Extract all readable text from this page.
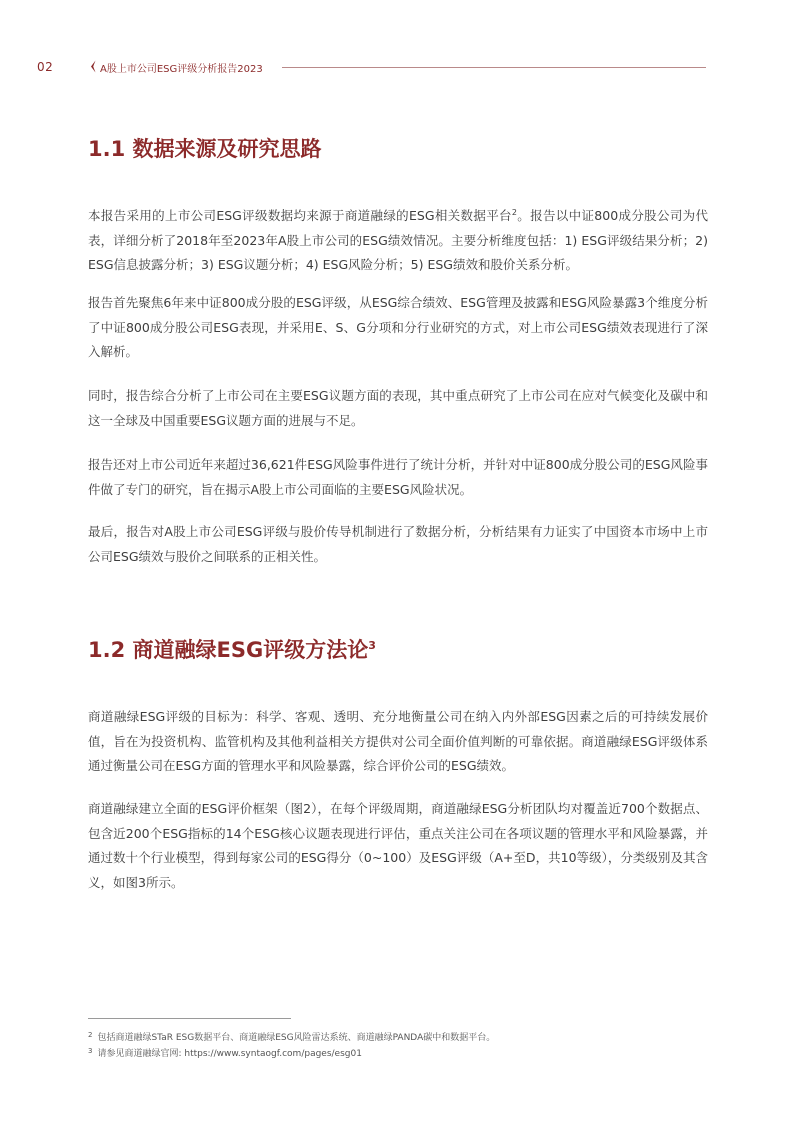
02	A股上市公司ESG评级分析报告2023
1.1 数据来源及研究思路

本报告采用的上市公司ESG评级数据均来源于商道融绿的ESG相关数据平台$^2$。报告以中证800成分股公司为代表，详细分析了2018年至2023年A股上市公司的ESG绩效情况。主要分析维度包括：1) ESG评级结果分析；2) ESG信息披露分析；3) ESG议题分析；4) ESG风险分析；5) ESG绩效和股价关系分析。

报告首先聚焦6年来中证800成分股的ESG评级，从ESG综合绩效、ESG管理及披露和ESG风险暴露3个维度分析了中证800成分股公司ESG表现，并采用E、S、G分项和分行业研究的方式，对上市公司ESG绩效表现进行了深入解析。

同时，报告综合分析了上市公司在主要ESG议题方面的表现，其中重点研究了上市公司在应对气候变化及碳中和这一全球及中国重要ESG议题方面的进展与不足。

报告还对上市公司近年来超过36,621件ESG风险事件进行了统计分析，并针对中证800成分股公司的ESG风险事件做了专门的研究，旨在揭示A股上市公司面临的主要ESG风险状况。

最后，报告对A股上市公司ESG评级与股价传导机制进行了数据分析，分析结果有力证实了中国资本市场中上市公司ESG绩效与股价之间联系的正相关性。

1.2 商道融绿ESG评级方法论$^3$

商道融绿ESG评级的目标为：科学、客观、透明、充分地衡量公司在纳入内外部ESG因素之后的可持续发展价值，旨在为投资机构、监管机构及其他利益相关方提供对公司全面价值判断的可靠依据。商道融绿ESG评级体系通过衡量公司在ESG方面的管理水平和风险暴露，综合评价公司的ESG绩效。

商道融绿建立全面的ESG评价框架（图2），在每个评级周期，商道融绿ESG分析团队均对覆盖近700个数据点、包含近200个ESG指标的14个ESG核心议题表现进行评估，重点关注公司在各项议题的管理水平和风险暴露，并通过数十个行业模型，得到每家公司的ESG得分（0~100）及ESG评级（A+至D，共10等级），分类级别及其含义，如图3所示。

$^2$ 包括商道融绿STaR ESG数据平台、商道融绿ESG风险雷达系统、商道融绿PANDA碳中和数据平台。
$^3$ 请参见商道融绿官网: https://www.syntaogf.com/pages/esg01
